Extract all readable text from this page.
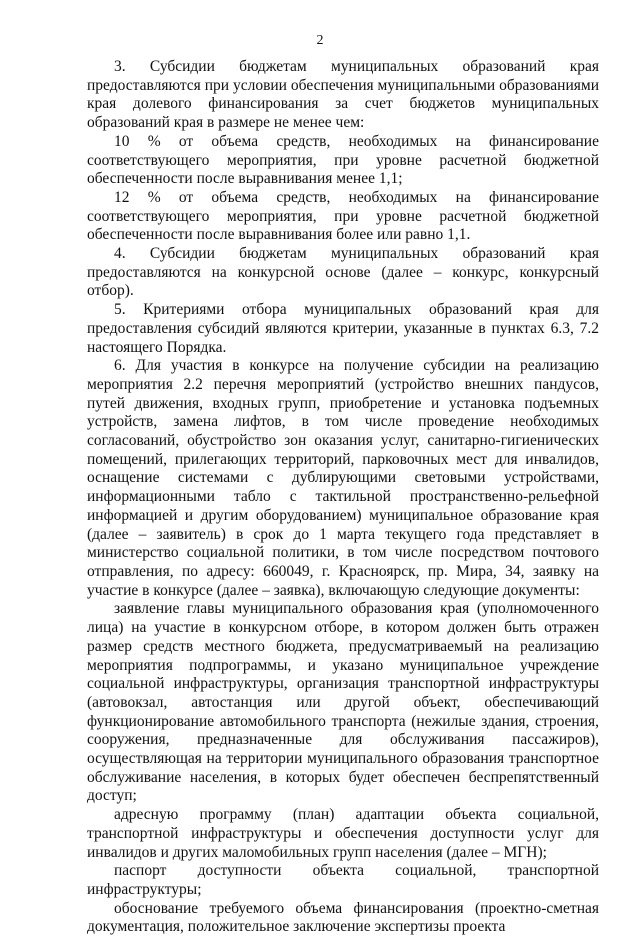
2

3. Субсидии бюджетам муниципальных образований края предоставляются при условии обеспечения муниципальными образованиями края долевого финансирования за счет бюджетов муниципальных образований края в размере не менее чем:

10 % от объема средств, необходимых на финансирование соответствующего мероприятия, при уровне расчетной бюджетной обеспеченности после выравнивания менее 1,1;

12 % от объема средств, необходимых на финансирование соответствующего мероприятия, при уровне расчетной бюджетной обеспеченности после выравнивания более или равно 1,1.

4. Субсидии бюджетам муниципальных образований края предоставляются на конкурсной основе (далее – конкурс, конкурсный отбор).

5. Критериями отбора муниципальных образований края для предоставления субсидий являются критерии, указанные в пунктах 6.3, 7.2 настоящего Порядка.

6. Для участия в конкурсе на получение субсидии на реализацию мероприятия 2.2 перечня мероприятий (устройство внешних пандусов, путей движения, входных групп, приобретение и установка подъемных устройств, замена лифтов, в том числе проведение необходимых согласований, обустройство зон оказания услуг, санитарно-гигиенических помещений, прилегающих территорий, парковочных мест для инвалидов, оснащение системами с дублирующими световыми устройствами, информационными табло с тактильной пространственно-рельефной информацией и другим оборудованием) муниципальное образование края (далее – заявитель) в срок до 1 марта текущего года представляет в министерство социальной политики, в том числе посредством почтового отправления, по адресу: 660049, г. Красноярск, пр. Мира, 34, заявку на участие в конкурсе (далее – заявка), включающую следующие документы:

заявление главы муниципального образования края (уполномоченного лица) на участие в конкурсном отборе, в котором должен быть отражен размер средств местного бюджета, предусматриваемый на реализацию мероприятия подпрограммы, и указано муниципальное учреждение социальной инфраструктуры, организация транспортной инфраструктуры (автовокзал, автостанция или другой объект, обеспечивающий функционирование автомобильного транспорта (нежилые здания, строения, сооружения, предназначенные для обслуживания пассажиров), осуществляющая на территории муниципального образования транспортное обслуживание населения, в которых будет обеспечен беспрепятственный доступ;

адресную программу (план) адаптации объекта социальной, транспортной инфраструктуры и обеспечения доступности услуг для инвалидов и других маломобильных групп населения (далее – МГН);

паспорт доступности объекта социальной, транспортной инфраструктуры;

обоснование требуемого объема финансирования (проектно-сметная документация, положительное заключение экспертизы проекта
